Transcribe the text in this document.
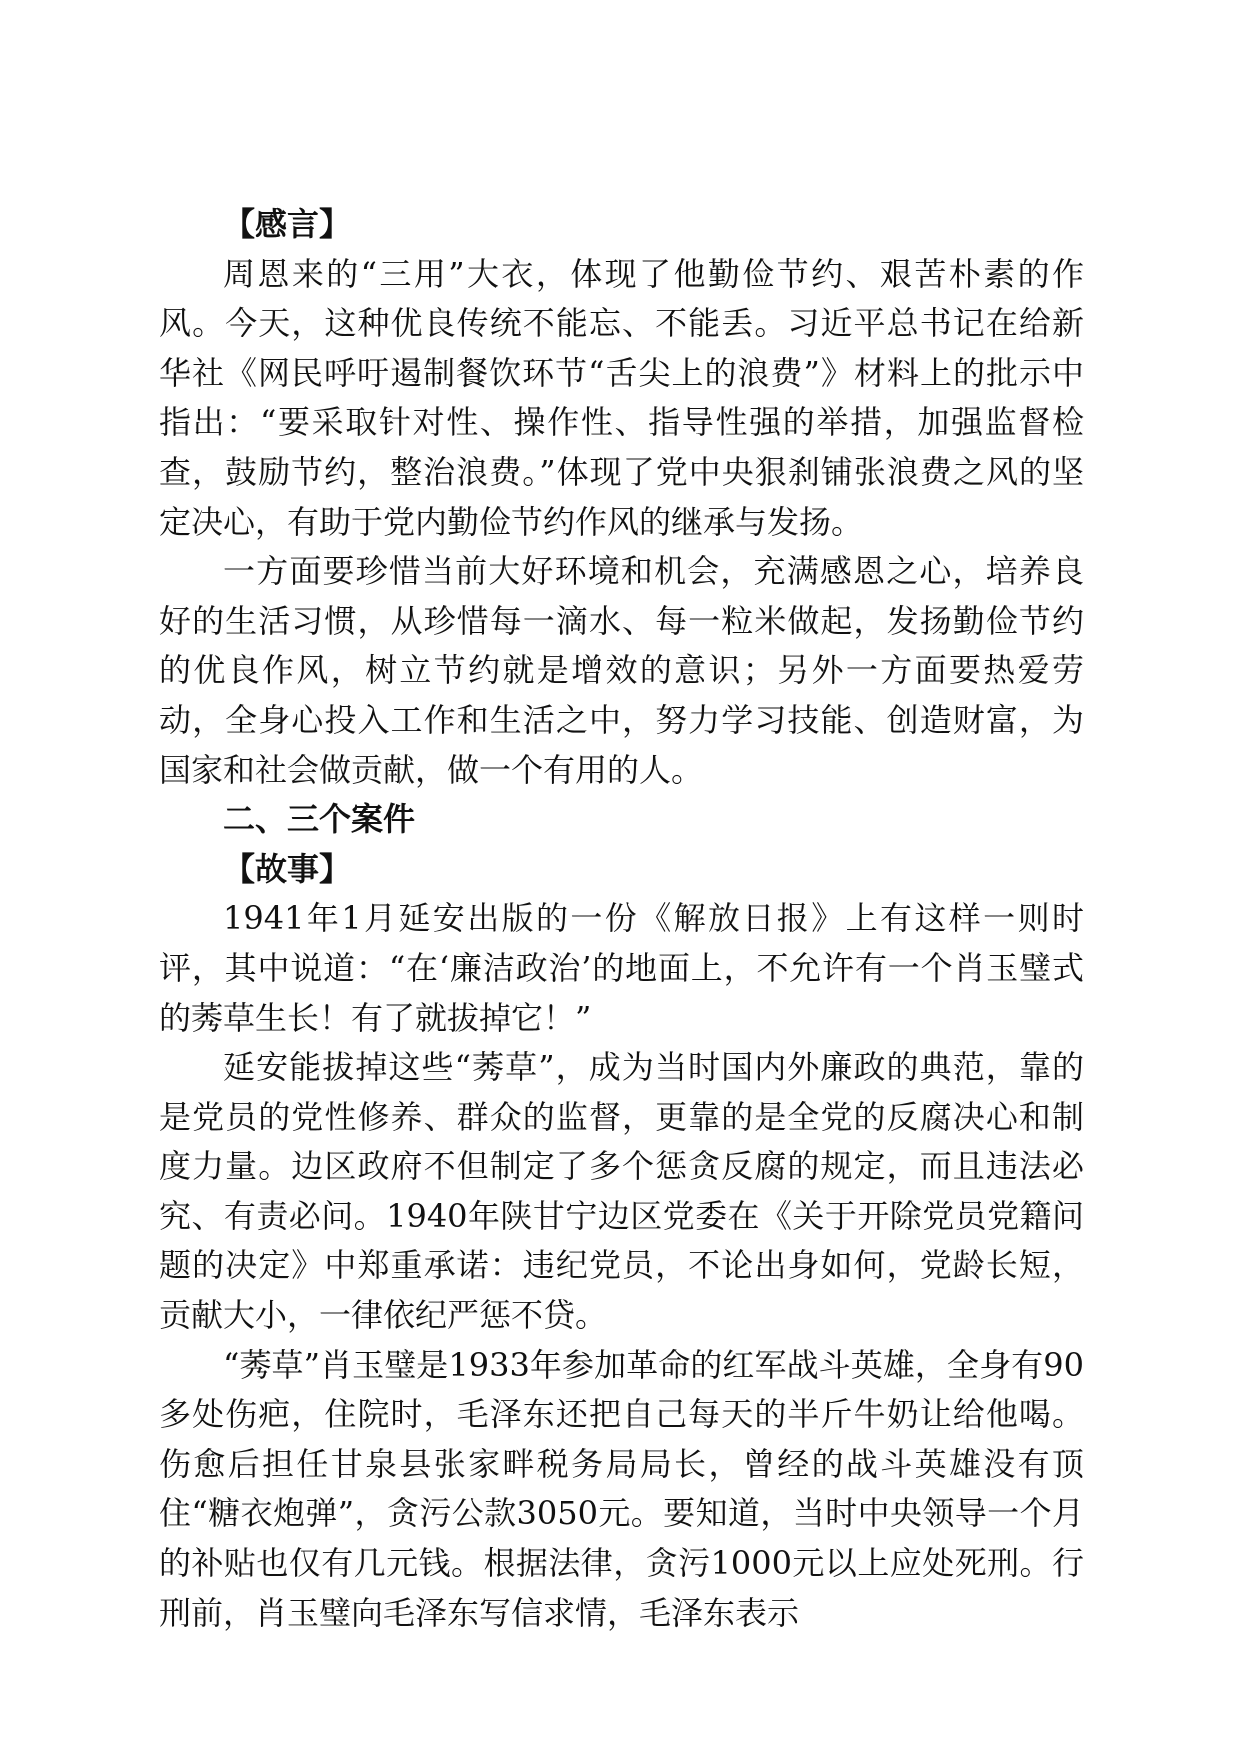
【感言】

周恩来的“三用”大衣，体现了他勤俭节约、艰苦朴素的作风。今天，这种优良传统不能忘、不能丢。习近平总书记在给新华社《网民呼吁遏制餐饮环节“舌尖上的浪费”》材料上的批示中指出：“要采取针对性、操作性、指导性强的举措，加强监督检查，鼓励节约，整治浪费。”体现了党中央狠刹铺张浪费之风的坚定决心，有助于党内勤俭节约作风的继承与发扬。

一方面要珍惜当前大好环境和机会，充满感恩之心，培养良好的生活习惯，从珍惜每一滴水、每一粒米做起，发扬勤俭节约的优良作风，树立节约就是增效的意识；另外一方面要热爱劳动，全身心投入工作和生活之中，努力学习技能、创造财富，为国家和社会做贡献，做一个有用的人。

二、三个案件

【故事】

1941年1月延安出版的一份《解放日报》上有这样一则时评，其中说道：“在‘廉洁政治’的地面上，不允许有一个肖玉璧式的莠草生长！有了就拔掉它！”

延安能拔掉这些“莠草”，成为当时国内外廉政的典范，靠的是党员的党性修养、群众的监督，更靠的是全党的反腐决心和制度力量。边区政府不但制定了多个惩贪反腐的规定，而且违法必究、有责必问。1940年陕甘宁边区党委在《关于开除党员党籍问题的决定》中郑重承诺：违纪党员，不论出身如何，党龄长短，贡献大小，一律依纪严惩不贷。

“莠草”肖玉璧是1933年参加革命的红军战斗英雄，全身有90多处伤疤，住院时，毛泽东还把自己每天的半斤牛奶让给他喝。伤愈后担任甘泉县张家畔税务局局长，曾经的战斗英雄没有顶住“糖衣炮弹”，贪污公款3050元。要知道，当时中央领导一个月的补贴也仅有几元钱。根据法律，贪污1000元以上应处死刑。行刑前，肖玉璧向毛泽东写信求情，毛泽东表示
